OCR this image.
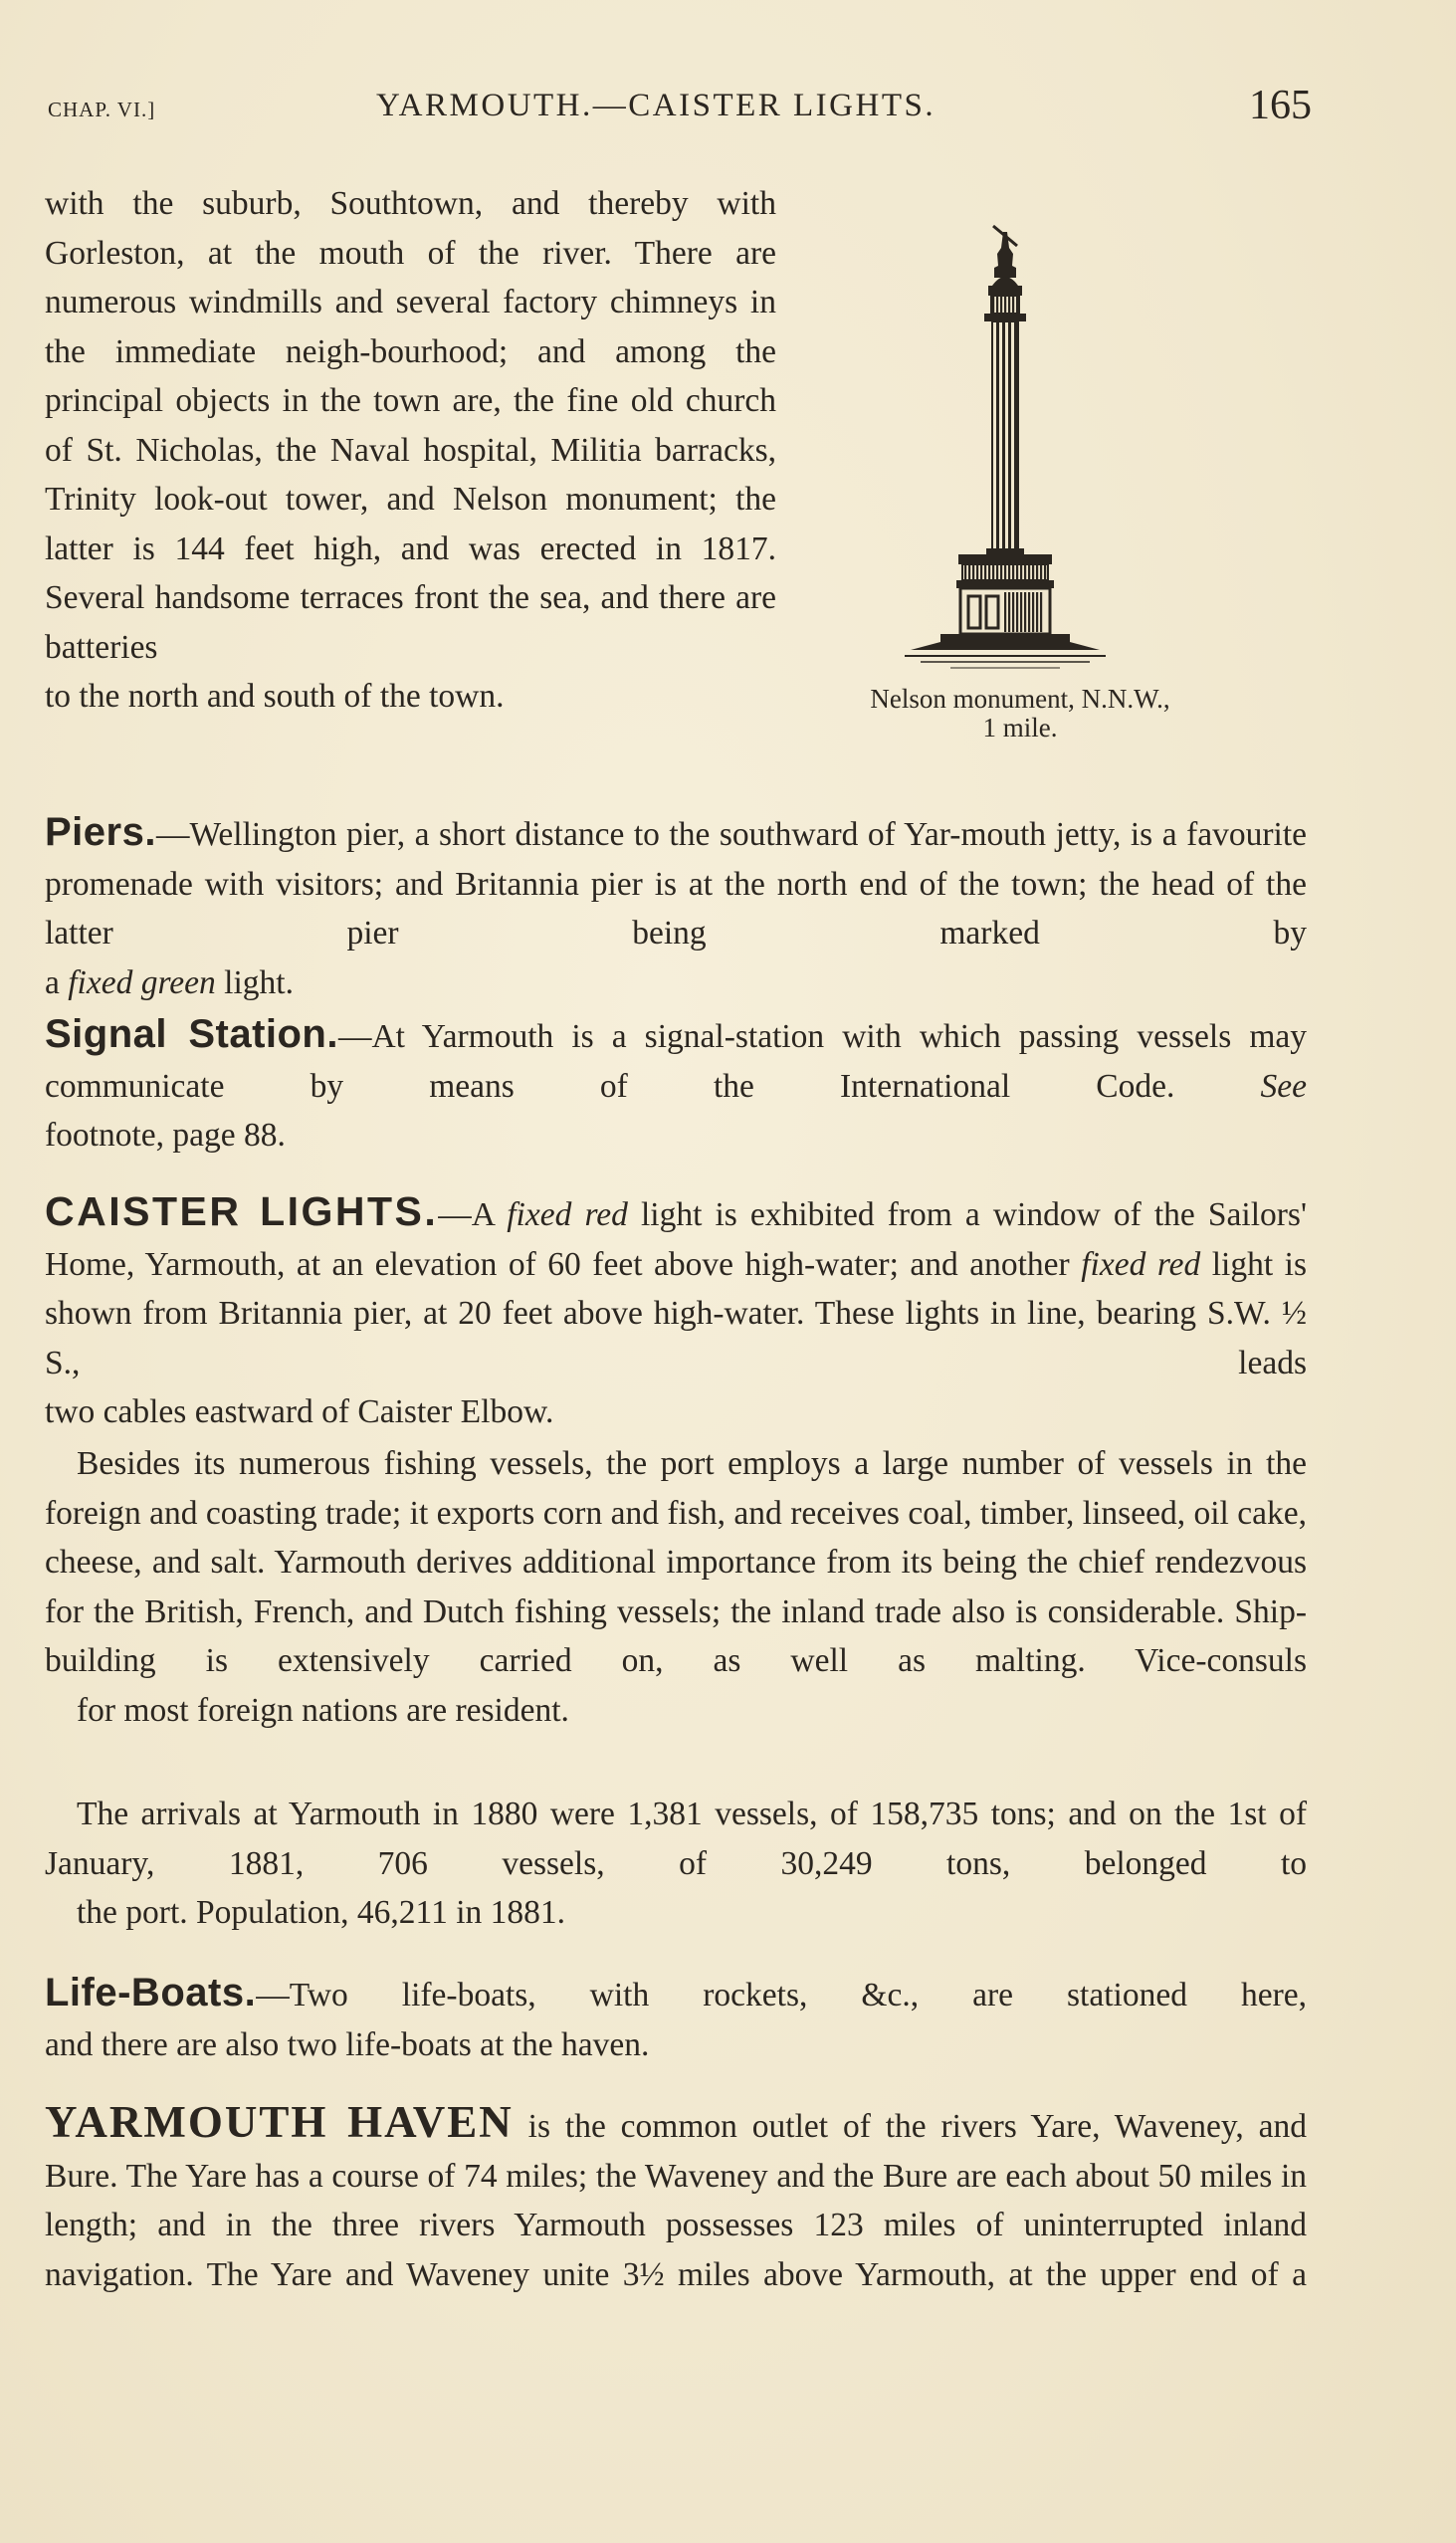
CHAP. VI.]	YARMOUTH.—CAISTER LIGHTS.	165

with the suburb, Southtown, and thereby with Gorleston, at the mouth of the river. There are numerous windmills and several factory chimneys in the immediate neigh-bourhood; and among the principal objects in the town are, the fine old church of St. Nicholas, the Naval hospital, Militia barracks, Trinity look-out tower, and Nelson monument; the latter is 144 feet high, and was erected in 1817. Several handsome terraces front the sea, and there are batteries
to the north and south of the town.	Nelson monument, N.N.W.,
1 mile.

Piers.—Wellington pier, a short distance to the southward of Yar-mouth jetty, is a favourite promenade with visitors; and Britannia pier is at the north end of the town; the head of the latter pier being marked by
a fixed green light.

Signal Station.—At Yarmouth is a signal-station with which passing vessels may communicate by means of the International Code. See
footnote, page 88.

CAISTER LIGHTS.—A fixed red light is exhibited from a window of the Sailors' Home, Yarmouth, at an elevation of 60 feet above high-water; and another fixed red light is shown from Britannia pier, at 20 feet above high-water. These lights in line, bearing S.W. ½ S., leads
two cables eastward of Caister Elbow.

Besides its numerous fishing vessels, the port employs a large number of vessels in the foreign and coasting trade; it exports corn and fish, and receives coal, timber, linseed, oil cake, cheese, and salt. Yarmouth derives additional importance from its being the chief rendezvous for the British, French, and Dutch fishing vessels; the inland trade also is considerable. Ship-building is extensively carried on, as well as malting. Vice-consuls
for most foreign nations are resident.

The arrivals at Yarmouth in 1880 were 1,381 vessels, of 158,735 tons; and on the 1st of January, 1881, 706 vessels, of 30,249 tons, belonged to
the port. Population, 46,211 in 1881.

Life-Boats.—Two life-boats, with rockets, &c., are stationed here,
and there are also two life-boats at the haven.

YARMOUTH HAVEN is the common outlet of the rivers Yare, Waveney, and Bure. The Yare has a course of 74 miles; the Waveney and the Bure are each about 50 miles in length; and in the three rivers Yarmouth possesses 123 miles of uninterrupted inland navigation. The Yare and Waveney unite 3½ miles above Yarmouth, at the upper end of a
